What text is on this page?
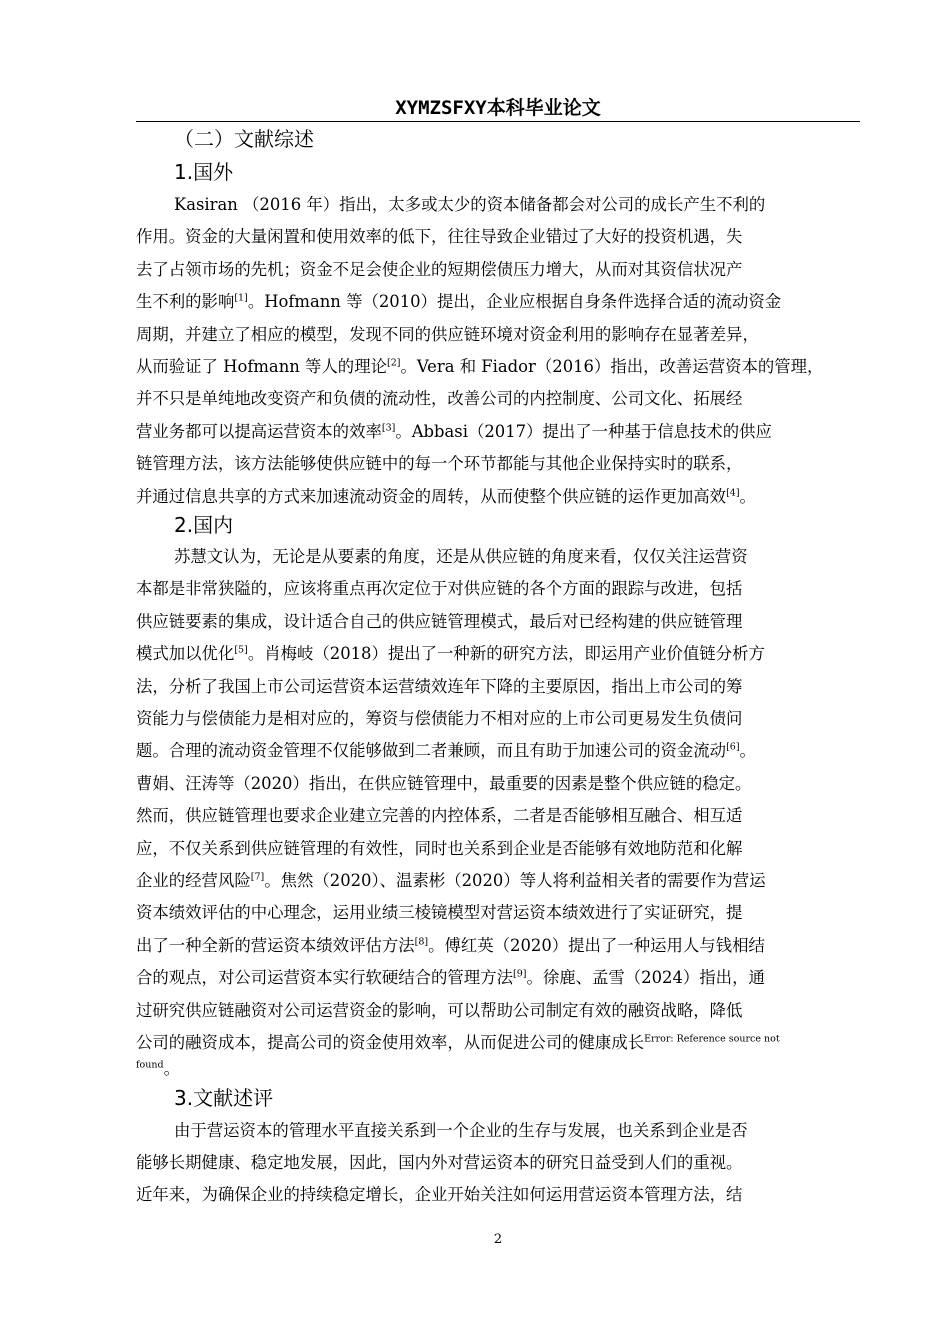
XYMZSFXY本科毕业论文
（二）文献综述
1.国外
Kasiran （2016 年）指出，太多或太少的资本储备都会对公司的成长产生不利的
作用。资金的大量闲置和使用效率的低下，往往导致企业错过了大好的投资机遇，失
去了占领市场的先机；资金不足会使企业的短期偿债压力增大，从而对其资信状况产
生不利的影响[1]。Hofmann 等（2010）提出，企业应根据自身条件选择合适的流动资金
周期，并建立了相应的模型，发现不同的供应链环境对资金利用的影响存在显著差异，
从而验证了 Hofmann 等人的理论[2]。Vera 和 Fiador（2016）指出，改善运营资本的管理，
并不只是单纯地改变资产和负债的流动性，改善公司的内控制度、公司文化、拓展经
营业务都可以提高运营资本的效率[3]。Abbasi（2017）提出了一种基于信息技术的供应
链管理方法，该方法能够使供应链中的每一个环节都能与其他企业保持实时的联系，
并通过信息共享的方式来加速流动资金的周转，从而使整个供应链的运作更加高效[4]。
2.国内
苏慧文认为，无论是从要素的角度，还是从供应链的角度来看，仅仅关注运营资
本都是非常狭隘的，应该将重点再次定位于对供应链的各个方面的跟踪与改进，包括
供应链要素的集成，设计适合自己的供应链管理模式，最后对已经构建的供应链管理
模式加以优化[5]。肖梅岐（2018）提出了一种新的研究方法，即运用产业价值链分析方
法，分析了我国上市公司运营资本运营绩效连年下降的主要原因，指出上市公司的筹
资能力与偿债能力是相对应的，筹资与偿债能力不相对应的上市公司更易发生负债问
题。合理的流动资金管理不仅能够做到二者兼顾，而且有助于加速公司的资金流动[6]。
曹娟、汪涛等（2020）指出，在供应链管理中，最重要的因素是整个供应链的稳定。
然而，供应链管理也要求企业建立完善的内控体系，二者是否能够相互融合、相互适
应，不仅关系到供应链管理的有效性，同时也关系到企业是否能够有效地防范和化解
企业的经营风险[7]。焦然（2020）、温素彬（2020）等人将利益相关者的需要作为营运
资本绩效评估的中心理念，运用业绩三棱镜模型对营运资本绩效进行了实证研究，提
出了一种全新的营运资本绩效评估方法[8]。傅红英（2020）提出了一种运用人与钱相结
合的观点，对公司运营资本实行软硬结合的管理方法[9]。徐鹿、孟雪（2024）指出，通
过研究供应链融资对公司运营资金的影响，可以帮助公司制定有效的融资战略，降低
公司的融资成本，提高公司的资金使用效率，从而促进公司的健康成长$^{Error: Reference source not}$
$^{found}$。
3.文献述评
由于营运资本的管理水平直接关系到一个企业的生存与发展，也关系到企业是否
能够长期健康、稳定地发展，因此，国内外对营运资本的研究日益受到人们的重视。
近年来，为确保企业的持续稳定增长，企业开始关注如何运用营运资本管理方法，结
2
